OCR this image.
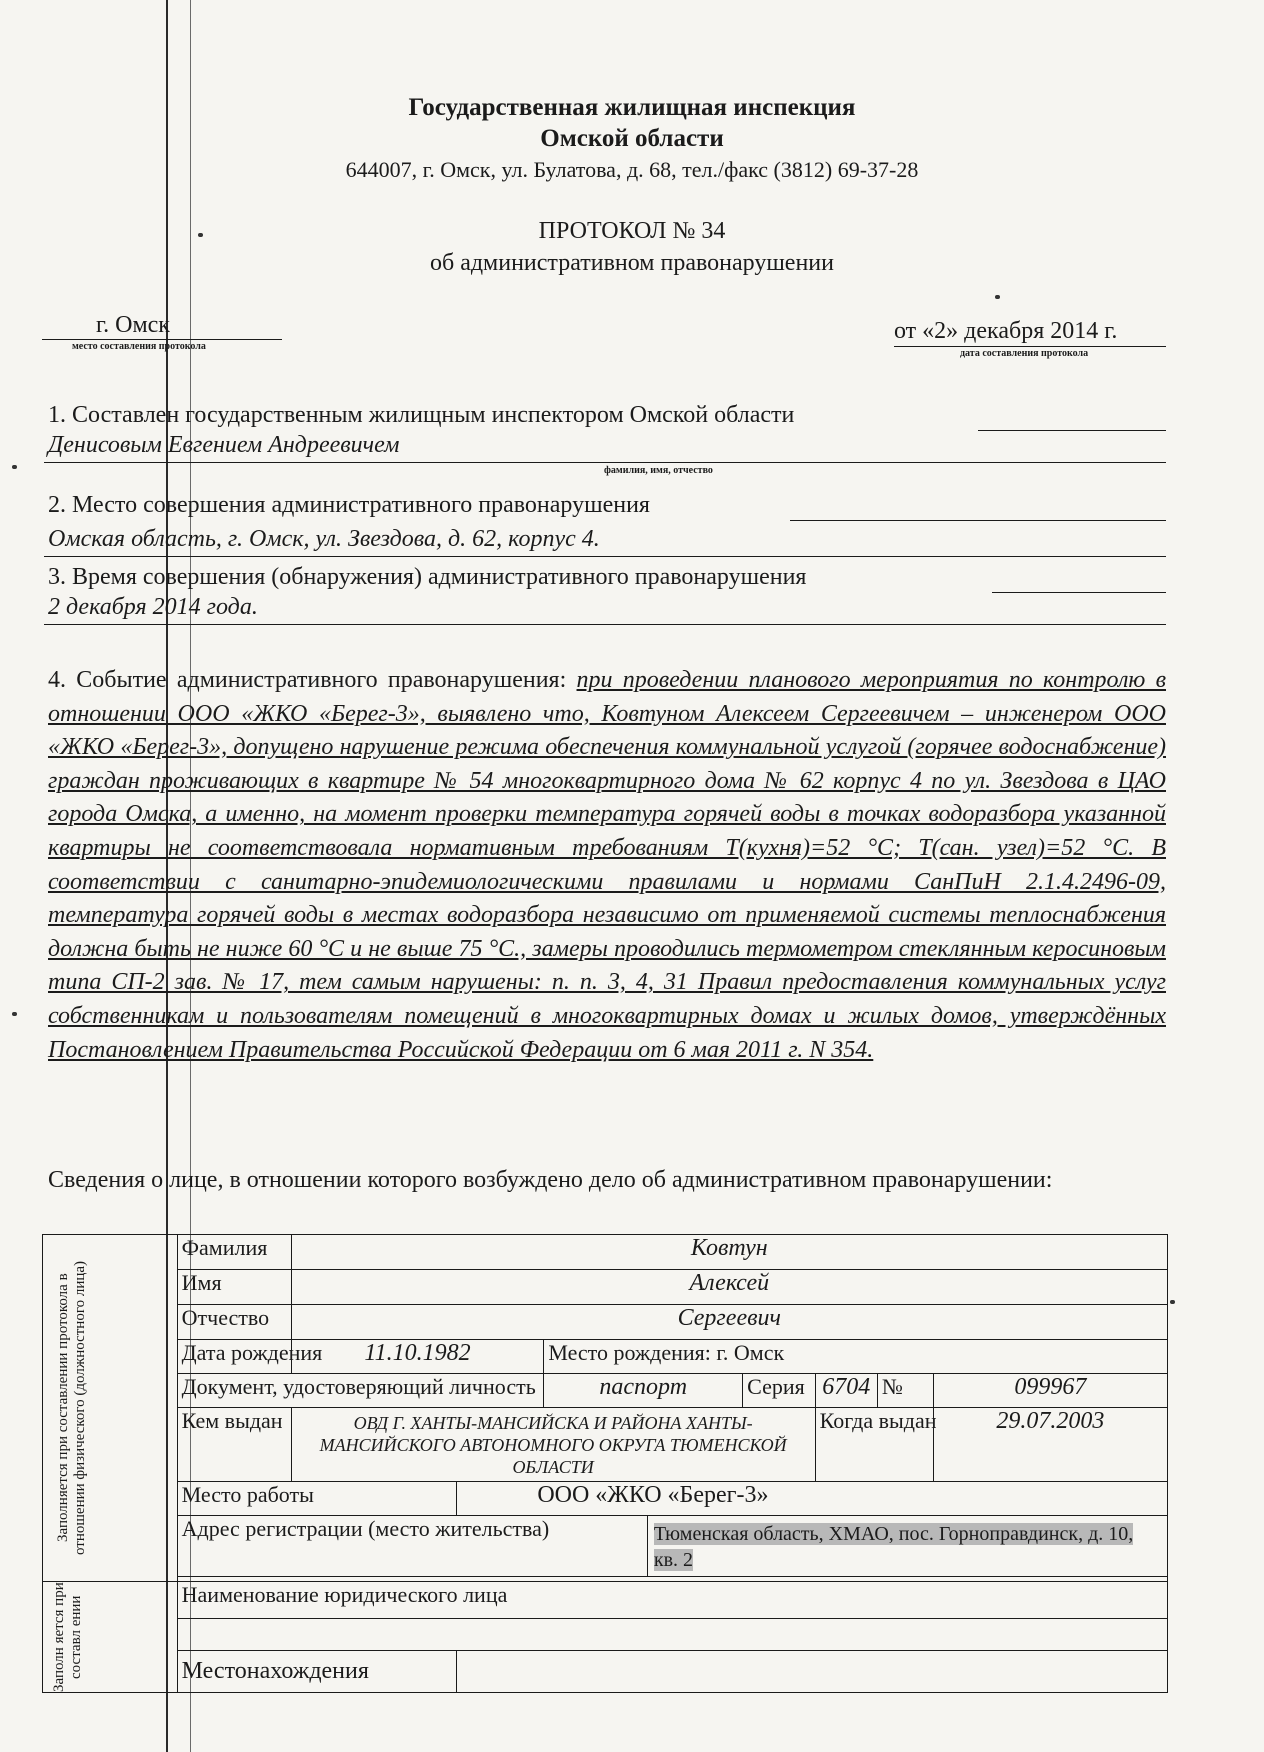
Государственная жилищная инспекция
Омской области
644007, г. Омск, ул. Булатова, д. 68, тел./факс (3812) 69-37-28
ПРОТОКОЛ № 34
об административном правонарушении
г. Омск
место составления протокола
от «2» декабря 2014 г.
дата составления протокола
1. Составлен государственным жилищным инспектором Омской области
Денисовым Евгением Андреевичем
фамилия, имя, отчество
2. Место совершения административного правонарушения
Омская область, г. Омск, ул. Звездова, д. 62, корпус 4.
3. Время совершения (обнаружения) административного правонарушения
2 декабря 2014 года.
4. Событие административного правонарушения: при проведении планового мероприятия по контролю в отношении ООО «ЖКО «Берег-3», выявлено что, Ковтуном Алексеем Сергеевичем – инженером ООО «ЖКО «Берег-3», допущено нарушение режима обеспечения коммунальной услугой (горячее водоснабжение) граждан проживающих в квартире № 54 многоквартирного дома № 62 корпус 4 по ул. Звездова в ЦАО города Омска, а именно, на момент проверки температура горячей воды в точках водоразбора указанной квартиры не соответствовала нормативным требованиям Т(кухня)=52 °С; Т(сан. узел)=52 °С. В соответствии с санитарно-эпидемиологическими правилами и нормами СанПиН 2.1.4.2496-09, температура горячей воды в местах водоразбора независимо от применяемой системы теплоснабжения должна быть не ниже 60 °С и не выше 75 °С., замеры проводились термометром стеклянным керосиновым типа СП-2 зав. № 17, тем самым нарушены: п. п. 3, 4, 31 Правил предоставления коммунальных услуг собственникам и пользователям помещений в многоквартирных домах и жилых домов, утверждённых Постановлением Правительства Российской Федерации от 6 мая 2011 г. N 354.
Сведения о лице, в отношении которого возбуждено дело об административном правонарушении:
Заполняется при составлении протокола в отношении физического (должностного лица)	Фамилия	Ковтун							
	Имя	Алексей							
	Отчество	Сергеевич							
	Дата рождения	11.10.1982		Место рождения: г. Омск					
	Документ, удостоверяющий личность			паспорт		Серия	6704	№	099967
	Кем выдан	ОВД Г. ХАНТЫ-МАНСИЙСКА И РАЙОНА ХАНТЫ-МАНСИЙСКОГО АВТОНОМНОГО ОКРУГА ТЮМЕНСКОЙ ОБЛАСТИ					Когда выдан		29.07.2003
	Место работы		ООО «ЖКО «Берег-3»						
	Адрес регистрации (место жительства)				Тюменская область, ХМАО, пос. Горноправдинск, д. 10, кв. 2				

Заполн яется при составл ении	Наименование юридического лица								

	Местонахождения								
